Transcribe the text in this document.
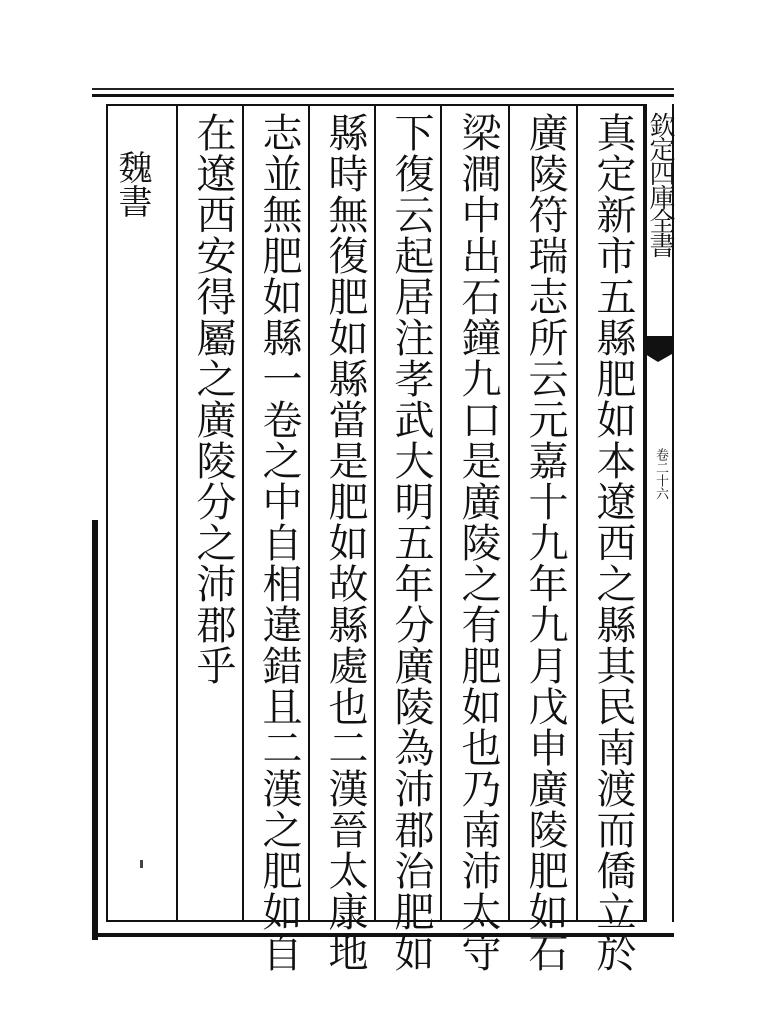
欽定四庫全書
卷二十六
魏書	真定新市五縣肥如本遼西之縣其民南渡而僑立於
廣陵符瑞志所云元嘉十九年九月戊申廣陵肥如石
梁澗中出石鐘九口是廣陵之有肥如也乃南沛太守
下復云起居注孝武大明五年分廣陵為沛郡治肥如
縣時無復肥如縣當是肥如故縣處也二漢晉太康地
志並無肥如縣一卷之中自相違錯且二漢之肥如自
在遼西安得屬之廣陵分之沛郡乎
